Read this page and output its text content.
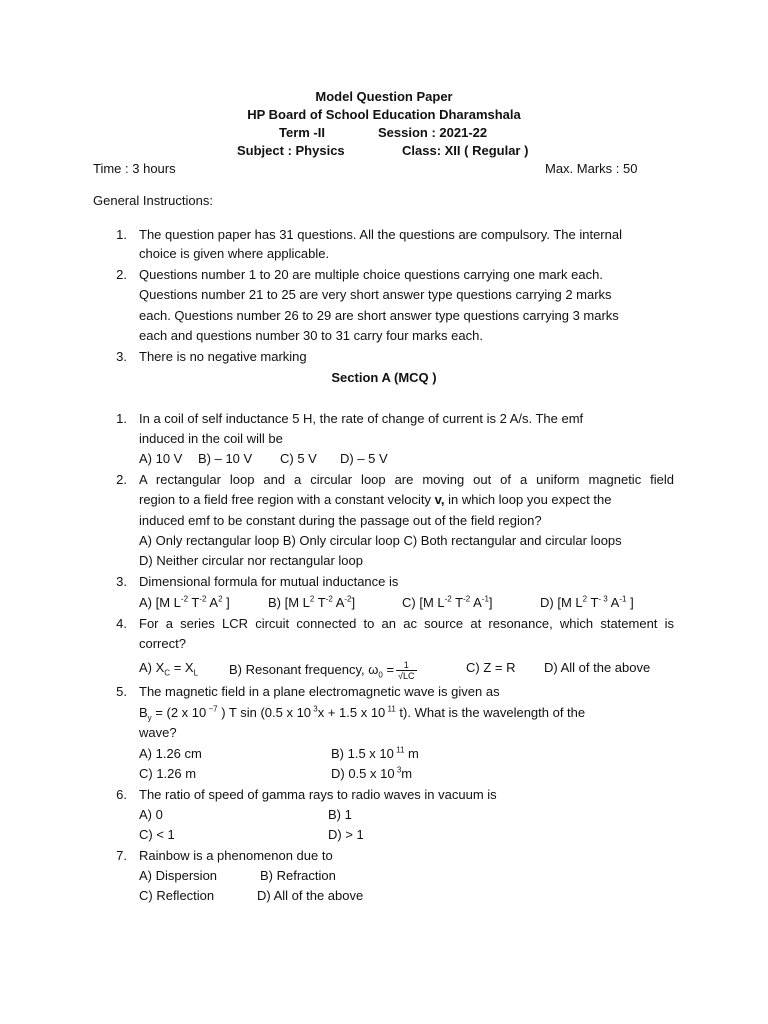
Model Question Paper
HP Board of School Education Dharamshala
Term -II	Session : 2021-22
Subject : Physics	Class: XII ( Regular )
Time : 3 hours	Max. Marks : 50
General Instructions:
1. The question paper has 31 questions. All the questions are compulsory. The internal
choice is given where applicable.
2. Questions number 1 to 20 are multiple choice questions carrying one mark each.
Questions number 21 to 25 are very short answer type questions carrying 2 marks
each. Questions number 26 to 29 are short answer type questions carrying 3 marks
each and questions number 30 to 31 carry four marks each.
3. There is no negative marking
Section A (MCQ )
1. In a coil of self inductance 5 H, the rate of change of current is 2 A/s. The emf
induced in the coil will be
A) 10 V B) – 10 V C) 5 V D) – 5 V
2. A rectangular loop and a circular loop are moving out of a uniform magnetic field
region to a field free region with a constant velocity v, in which loop you expect the
induced emf to be constant during the passage out of the field region?
A) Only rectangular loop B) Only circular loop C) Both rectangular and circular loops
D) Neither circular nor rectangular loop
3. Dimensional formula for mutual inductance is
A) [M $L^{-2}$ $T^{-2}$ $A^2$ ]	B) [M $L^2$ $T^{-2}$ $A^{-2}$]	C) [M $L^{-2}$ $T^{-2}$ $A^{-1}$]	D) [M $L^2$ $T^{- 3}$ $A^{-1}$ ]
4. For a series LCR circuit connected to an ac source at resonance, which statement is
correct?
A) $X_C = X_L$ B) Resonant frequency, $\omega_0 = \frac{1}{√LC}$	C) Z = R D) All of the above
5. The magnetic field in a plane electromagnetic wave is given as
$B_y = (2$ x 10 $^{-7}$ ) T sin (0.5 x 10 $^3$x + 1.5 x 10 $^{11}$ t). What is the wavelength of the
wave?
A) 1.26 cm	B) 1.5 x 10 $^{11}$ m
C) 1.26 m	D) 0.5 x 10 $^3$m
6. The ratio of speed of gamma rays to radio waves in vacuum is
A) 0	B) 1
C) < 1	D) > 1
7. Rainbow is a phenomenon due to
A) Dispersion	B) Refraction
C) Reflection	D) All of the above
